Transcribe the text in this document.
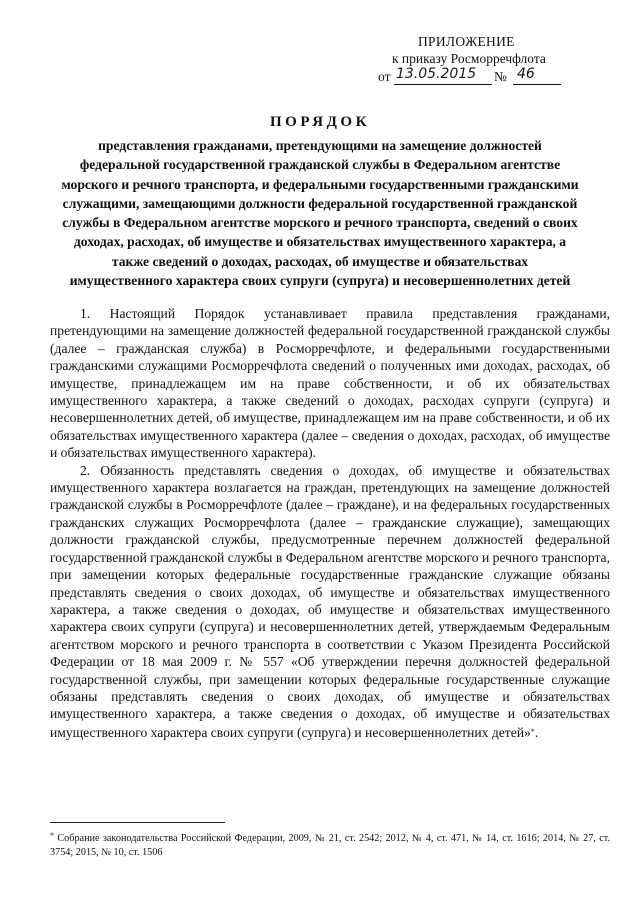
ПРИЛОЖЕНИЕ
к приказу Росморречфлота
от 13.05.2015	№ 46
ПОРЯДОК
представления гражданами, претендующими на замещение должностей федеральной государственной гражданской службы в Федеральном агентстве морского и речного транспорта, и федеральными государственными гражданскими служащими, замещающими должности федеральной государственной гражданской службы в Федеральном агентстве морского и речного транспорта, сведений о своих доходах, расходах, об имуществе и обязательствах имущественного характера, а также сведений о доходах, расходах, об имуществе и обязательствах имущественного характера своих супруги (супруга) и несовершеннолетних детей

1. Настоящий Порядок устанавливает правила представления гражданами, претендующими на замещение должностей федеральной государственной гражданской службы (далее – гражданская служба) в Росморречфлоте, и федеральными государственными гражданскими служащими Росморречфлота сведений о полученных ими доходах, расходах, об имуществе, принадлежащем им на праве собственности, и об их обязательствах имущественного характера, а также сведений о доходах, расходах супруги (супруга) и несовершеннолетних детей, об имуществе, принадлежащем им на праве собственности, и об их обязательствах имущественного характера (далее – сведения о доходах, расходах, об имуществе и обязательствах имущественного характера).

2. Обязанность представлять сведения о доходах, об имуществе и обязательствах имущественного характера возлагается на граждан, претендующих на замещение должностей гражданской службы в Росморречфлоте (далее – граждане), и на федеральных государственных гражданских служащих Росморречфлота (далее – гражданские служащие), замещающих должности гражданской службы, предусмотренные перечнем должностей федеральной государственной гражданской службы в Федеральном агентстве морского и речного транспорта, при замещении которых федеральные государственные гражданские служащие обязаны представлять сведения о своих доходах, об имуществе и обязательствах имущественного характера, а также сведения о доходах, об имуществе и обязательствах имущественного характера своих супруги (супруга) и несовершеннолетних детей, утверждаемым Федеральным агентством морского и речного транспорта в соответствии с Указом Президента Российской Федерации от 18 мая 2009 г. № 557 «Об утверждении перечня должностей федеральной государственной службы, при замещении которых федеральные государственные служащие обязаны представлять сведения о своих доходах, об имуществе и обязательствах имущественного характера, а также сведения о доходах, об имуществе и обязательствах имущественного характера своих супруги (супруга) и несовершеннолетних детей»*.

* Собрание законодательства Российской Федерации, 2009, № 21, ст. 2542; 2012, № 4, ст. 471, № 14, ст. 1616; 2014, № 27, ст. 3754; 2015, № 10, ст. 1506
